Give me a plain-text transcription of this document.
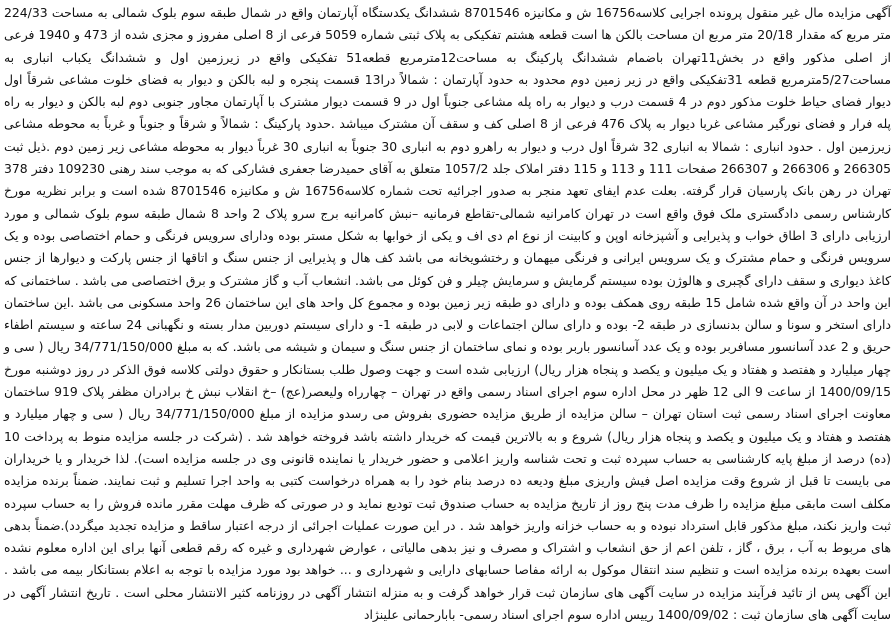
آگهی مزایده مال غیر منقول پرونده اجرایی کلاسه16756 ش و مکانیزه 8701546 ششدانگ یکدستگاه آپارتمان واقع در شمال طبقه سوم بلوک شمالی به مساحت 224/33 متر مربع که مقدار 20/18 متر مربع ان مساحت بالکن ها است قطعه هشتم تفکیکی به پلاک ثبتی شماره 5059 فرعی از 8 اصلی مفروز و مجزی شده از 473 و 1940 فرعی از اصلی مذکور واقع در بخش11تهران باضمام ششدانگ پارکینگ به مساحت12مترمربع قطعه51 تفکیکی واقع در زیرزمین اول و ششدانگ یکباب انباری به مساحت5/27مترمربع قطعه 31تفکیکی واقع در زیر زمین دوم محدود به حدود آپارتمان : شمالاً درا13 قسمت پنجره و لبه بالکن و دیوار به فضای خلوت مشاعی شرقاً اول دیوار فضای حیاط خلوت مذکور دوم در 4 قسمت درب و دیوار به راه پله مشاعی جنوباً اول در 9 قسمت دیوار مشترک با آپارتمان مجاور جنوبی دوم لبه بالکن و دیوار به راه پله فرار و فضای نورگیر مشاعی غربا دیوار به پلاک 476 فرعی از 8 اصلی کف و سقف آن مشترک میباشد .حدود پارکینگ : شمالاً و شرقاً و جنوباً و غرباً به محوطه مشاعی زیرزمین اول . حدود انباری : شمالا به انباری 32 شرقاً اول درب و دیوار به راهرو دوم به انباری 30 جنوباً به انباری 30 غرباً دیوار به محوطه مشاعی زیر زمین دوم .ذیل ثبت 266305 و 266306 و 266307 صفحات 111 و 113 و 115 دفتر املاک جلد 1057/2 متعلق به آقای حمیدرضا جعفری فشارکی که به موجب سند رهنی 109230 دفتر 378 تهران در رهن بانک پارسیان قرار گرفته. بعلت عدم ایفای تعهد منجر به صدور اجرائیه تحت شماره کلاسه16756 ش و مکانیزه 8701546 شده است و برابر نظریه مورخ کارشناس رسمی دادگستری ملک فوق واقع است در تهران کامرانیه شمالی-تقاطع فرمانیه –نبش کامرانیه برج سرو پلاک 2 واحد 8 شمال طبقه سوم بلوک شمالی و مورد ارزیابی دارای 3 اطاق خواب و پذیرایی و آشپزخانه اوپن و کابینت از نوع ام دی اف و یکی از خوابها به شکل مستر بوده ودارای سرویس فرنگی و حمام اختصاصی بوده و یک سرویس فرنگی و حمام مشترک و یک سرویس ایرانی و فرنگی میهمان و رختشویخانه می باشد کف هال و پذیرایی از جنس سنگ و اتاقها از جنس پارکت و دیوارها از جنس کاغذ دیواری و سقف دارای گچبری و هالوژن بوده سیستم گرمایش و سرمایش چیلر و فن کوئل می باشد. انشعاب آب و گاز مشترک و برق اختصاصی می باشد . ساختمانی که این واحد در آن واقع شده شامل 15 طبقه روی همکف بوده و دارای دو طبقه زیر زمین بوده و مجموع کل واحد های این ساختمان 26 واحد مسکونی می باشد .این ساختمان دارای استخر و سونا و سالن بدنسازی در طبقه 2- بوده و دارای سالن اجتماعات و لابی در طبقه 1- و دارای سیستم دوربین مدار بسته و نگهبانی 24 ساعته و سیستم اطفاء حریق و 2 عدد آسانسور مسافربر بوده و یک عدد آسانسور باربر بوده و نمای ساختمان از جنس سنگ و سیمان و شیشه می باشد. که به مبلغ 34/771/150/000 ریال ( سی و چهار میلیارد و هفتصد و هفتاد و یک میلیون و یکصد و پنجاه هزار ریال) ارزیابی شده است و جهت وصول طلب بستانکار و حقوق دولتی کلاسه فوق الذکر در روز دوشنبه مورخ 1400/09/15 از ساعت 9 الی 12 ظهر در محل اداره سوم اجرای اسناد رسمی واقع در تهران – چهارراه ولیعصر(عج) –خ انقلاب نبش خ برادران مظفر پلاک 919 ساختمان معاونت اجرای اسناد رسمی ثبت استان تهران – سالن مزایده از طریق مزایده حضوری بفروش می رسدو مزایده از مبلغ 34/771/150/000 ریال ( سی و چهار میلیارد و هفتصد و هفتاد و یک میلیون و یکصد و پنجاه هزار ریال) شروع و به بالاترین قیمت که خریدار داشته باشد فروخته خواهد شد . (شرکت در جلسه مزایده منوط به پرداخت 10 (ده) درصد از مبلغ پایه کارشناسی به حساب سپرده ثبت و تحت شناسه واریز اعلامی و حضور خریدار یا نماینده قانونی وی در جلسه مزایده است). لذا خریدار و یا خریداران می بایست تا قبل از شروع وقت مزایده اصل فیش واریزی مبلغ ودیعه ده درصد بنام خود را به همراه درخواست کتبی به واحد اجرا تسلیم و ثبت نمایند. ضمناً برنده مزایده مکلف است مابقی مبلغ مزایده را ظرف مدت پنج روز از تاریخ مزایده به حساب صندوق ثبت تودیع نماید و در صورتی که ظرف مهلت مقرر مانده فروش را به حساب سپرده ثبت واریز نکند، مبلغ مذکور قابل استرداد نبوده و به حساب خزانه واریز خواهد شد . در این صورت عملیات اجرائی از درجه اعتبار ساقط و مزایده تجدید میگردد).ضمناً بدهی های مربوط به آب ، برق ، گاز ، تلفن اعم از حق انشعاب و اشتراک و مصرف و نیز بدهی مالیاتی ، عوارض شهرداری و غیره که رقم قطعی آنها برای این اداره معلوم نشده است بعهده برنده مزایده است و تنظیم سند انتقال موکول به ارائه مفاصا حسابهای دارایی و شهرداری و ... خواهد بود مورد مزایده با توجه به اعلام بستانکار بیمه می باشد . این آگهی پس از تائید فرآیند مزایده در سایت آگهی های سازمان ثبت قرار خواهد گرفت و به منزله انتشار آگهی در روزنامه کثیر الانتشار محلی است . تاریخ انتشار آگهی در سایت آگهی های سازمان ثبت : 1400/09/02 رییس اداره سوم اجرای اسناد رسمی- بابارحمانی علینژاد
